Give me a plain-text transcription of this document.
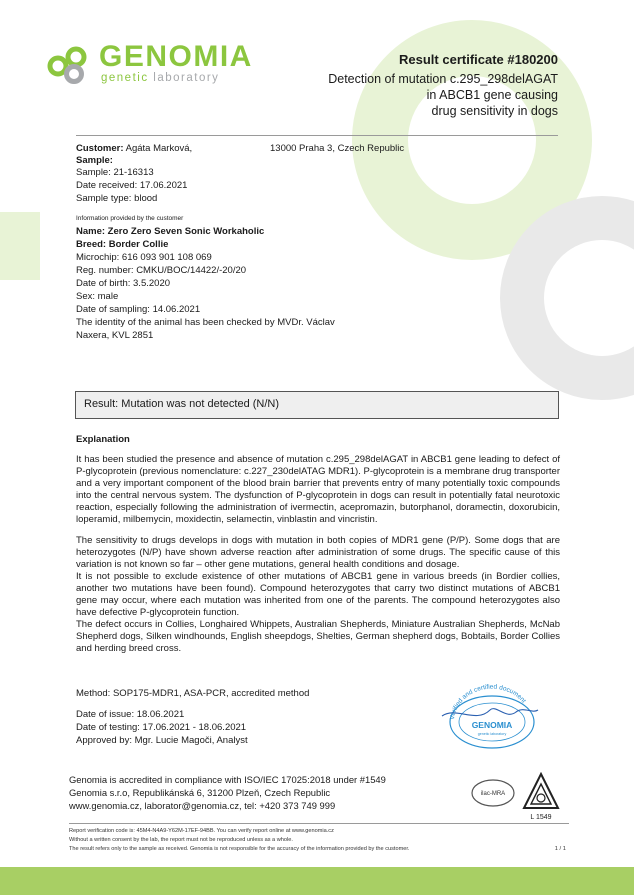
GENOMIA
genetic laboratory
Result certificate #180200
Detection of mutation c.295_298delAGAT
in ABCB1 gene causing
drug sensitivity in dogs
Customer: Agáta Marková,	13000 Praha 3, Czech Republic
Sample:
Sample: 21-16313
Date received: 17.06.2021
Sample type: blood
Information provided by the customer
Name: Zero Zero Seven Sonic Workaholic
Breed: Border Collie
Microchip: 616 093 901 108 069
Reg. number: CMKU/BOC/14422/-20/20
Date of birth: 3.5.2020
Sex: male
Date of sampling: 14.06.2021
The identity of the animal has been checked by MVDr. Václav
Naxera, KVL 2851
Result: Mutation was not detected (N/N)
Explanation

It has been studied the presence and absence of mutation c.295_298delAGAT in ABCB1 gene leading to defect of P-glycoprotein (previous nomenclature: c.227_230delATAG MDR1). P-glycoprotein is a membrane drug transporter and a very important component of the blood brain barrier that prevents entry of many potentially toxic compounds into the central nervous system. The dysfunction of P-glycoprotein in dogs can result in potentially fatal neurotoxic reaction, especially following the administration of ivermectin, acepromazin, butorphanol, doramectin, doxorubicin, loperamid, milbemycin, moxidectin, selamectin, vinblastin and vincristin.

The sensitivity to drugs develops in dogs with mutation in both copies of MDR1 gene (P/P). Some dogs that are heterozygotes (N/P) have shown adverse reaction after administration of some drugs. The specific cause of this variation is not known so far – other gene mutations, general health conditions and dosage.

It is not possible to exclude existence of other mutations of ABCB1 gene in various breeds (in Bordier collies, another two mutations have been found). Compound heterozygotes that carry two distinct mutations of ABCB1 gene may occur, where each mutation was inherited from one of the parents. The compound heterozygotes also have defective P-glycoprotein function.

The defect occurs in Collies, Longhaired Whippets, Australian Shepherds, Miniature Australian Shepherds, McNab Shepherd dogs, Silken windhounds, English sheepdogs, Shelties, German shepherd dogs, Bobtails, Border Collies and herding breed cross.

Method: SOP175-MDR1, ASA-PCR, accredited method
Date of issue: 18.06.2021
Date of testing: 17.06.2021 - 18.06.2021
Approved by: Mgr. Lucie Magoči, Analyst
Verified and certified document
GENOMIA
genetic laboratory
Genomia is accredited in compliance with ISO/IEC 17025:2018 under #1549
Genomia s.r.o, Republikánská 6, 31200 Plzeň, Czech Republic
www.genomia.cz, laborator@genomia.cz, tel: +420 373 749 999
ilac-MRA
L 1549
Report verification code is: 45M4-N4A9-Y62M-17EF-94BB. You can verify report online at www.genomia.cz
Without a written consent by the lab, the report must not be reproduced unless as a whole.
The result refers only to the sample as received. Genomia is not responsible for the accuracy of the information provided by the customer.	1 / 1
